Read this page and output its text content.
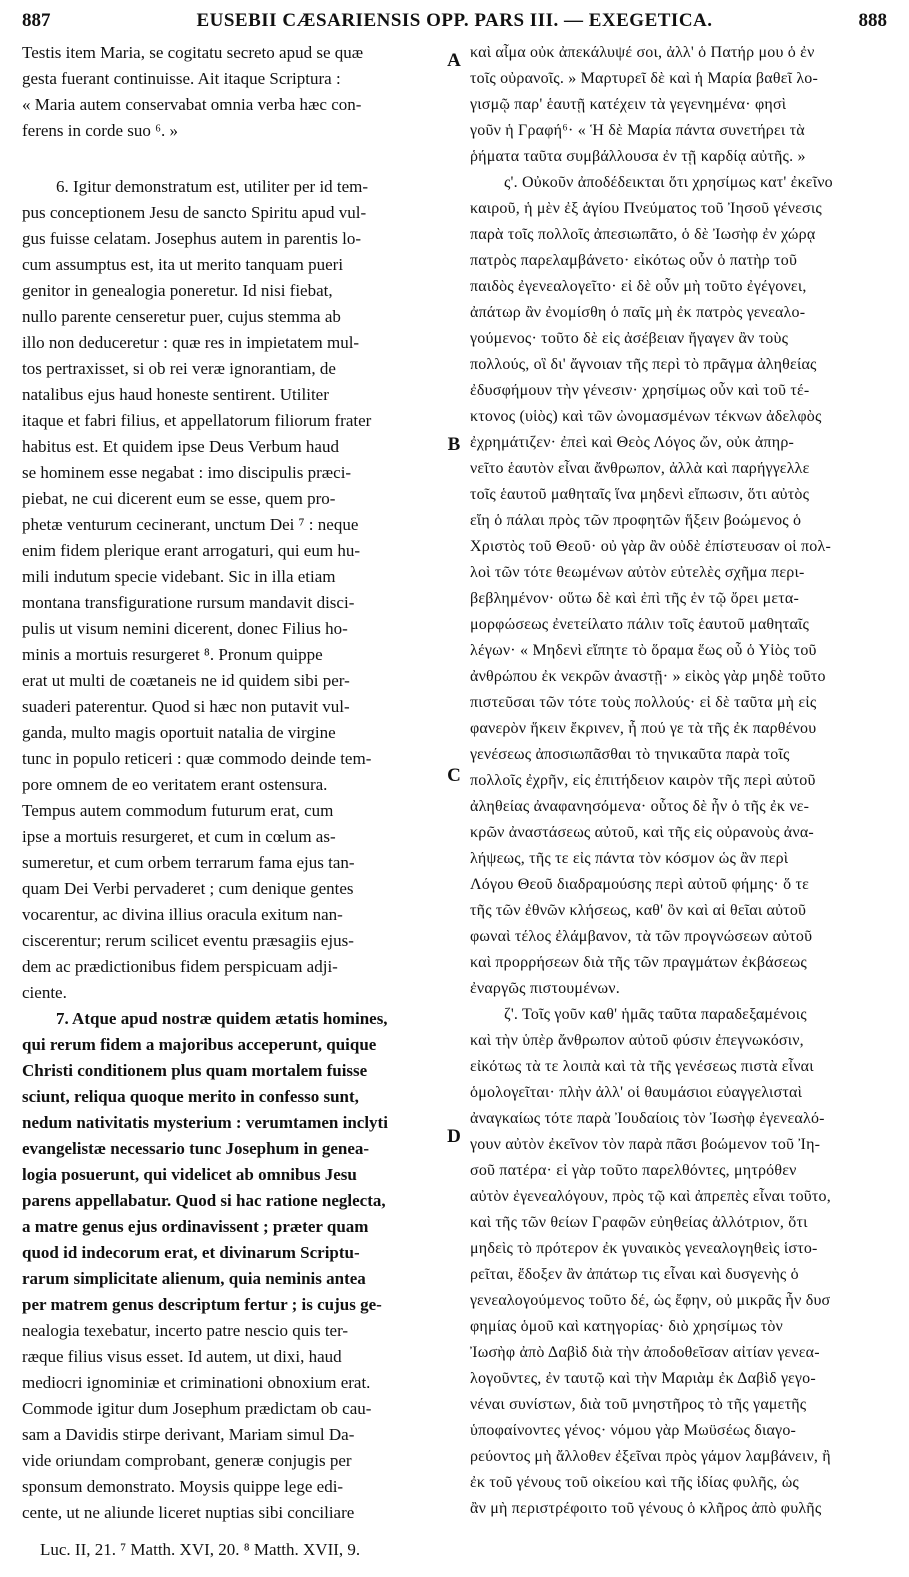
887	EUSEBII CÆSARIENSIS OPP. PARS III. — EXEGETICA.	888
Testis item Maria, se cogitatu secreto apud se quæ
gesta fuerant continuisse. Ait itaque Scriptura :
« Maria autem conservabat omnia verba hæc con-
ferens in corde suo ⁶. »
6. Igitur demonstratum est, utiliter per id tem-
pus conceptionem Jesu de sancto Spiritu apud vul-
gus fuisse celatam. Josephus autem in parentis lo-
cum assumptus est, ita ut merito tanquam pueri
genitor in genealogia poneretur. Id nisi fiebat,
nullo parente censeretur puer, cujus stemma ab
illo non deduceretur : quæ res in impietatem mul-
tos pertraxisset, si ob rei veræ ignorantiam, de
natalibus ejus haud honeste sentirent. Utiliter
itaque et fabri filius, et appellatorum filiorum frater
habitus est. Et quidem ipse Deus Verbum haud
se hominem esse negabat : imo discipulis præci-
piebat, ne cui dicerent eum se esse, quem pro-
phetæ venturum cecinerant, unctum Dei ⁷ : neque
enim fidem plerique erant arrogaturi, qui eum hu-
mili indutum specie videbant. Sic in illa etiam
montana transfiguratione rursum mandavit disci-
pulis ut visum nemini dicerent, donec Filius ho-
minis a mortuis resurgeret ⁸. Pronum quippe
erat ut multi de coætaneis ne id quidem sibi per-
suaderi paterentur. Quod si hæc non putavit vul-
ganda, multo magis oportuit natalia de virgine
tunc in populo reticeri : quæ commodo deinde tem-
pore omnem de eo veritatem erant ostensura.
Tempus autem commodum futurum erat, cum
ipse a mortuis resurgeret, et cum in cœlum as-
sumeretur, et cum orbem terrarum fama ejus tan-
quam Dei Verbi pervaderet ; cum denique gentes
vocarentur, ac divina illius oracula exitum nan-
ciscerentur; rerum scilicet eventu præsagiis ejus-
dem ac prædictionibus fidem perspicuam adji-
ciente.
7. Atque apud nostræ quidem ætatis homines,
qui rerum fidem a majoribus acceperunt, quique
Christi conditionem plus quam mortalem fuisse
sciunt, reliqua quoque merito in confesso sunt,
nedum nativitatis mysterium : verumtamen inclyti
evangelistæ necessario tunc Josephum in genea-
logia posuerunt, qui videlicet ab omnibus Jesu
parens appellabatur. Quod si hac ratione neglecta,
a matre genus ejus ordinavissent ; præter quam
quod id indecorum erat, et divinarum Scriptu-
rarum simplicitate alienum, quia neminis antea
per matrem genus descriptum fertur ; is cujus ge-
nealogia texebatur, incerto patre nescio quis ter-
ræque filius visus esset. Id autem, ut dixi, haud
mediocri ignominiæ et criminationi obnoxium erat.
Commode igitur dum Josephum prædictam ob cau-
sam a Davidis stirpe derivant, Mariam simul Da-
vide oriundam comprobant, generæ conjugis per
sponsum demonstrato. Moysis quippe lege edi-
cente, ut ne aliunde liceret nuptias sibi conciliare
καὶ αἶμα οὐκ ἀπεκάλυψέ σοι, ἀλλ' ὁ Πατήρ μου ὁ ἐν
τοῖς οὐρανοῖς. » Μαρτυρεῖ δὲ καὶ ἡ Μαρία βαθεῖ λο-
γισμῷ παρ' ἑαυτῇ κατέχειν τὰ γεγενημένα· φησὶ
γοῦν ἡ Γραφή⁶· « Ἡ δὲ Μαρία πάντα συνετήρει τὰ
ῥήματα ταῦτα συμβάλλουσα ἐν τῇ καρδίᾳ αὐτῆς. »
ς'. Οὐκοῦν ἀποδέδεικται ὅτι χρησίμως κατ' ἐκεῖνο
καιροῦ, ἡ μὲν ἐξ ἁγίου Πνεύματος τοῦ Ἰησοῦ γένεσις
παρὰ τοῖς πολλοῖς ἀπεσιωπᾶτο, ὁ δὲ Ἰωσὴφ ἐν χώρᾳ
πατρὸς παρελαμβάνετο· εἰκότως οὖν ὁ πατὴρ τοῦ
παιδὸς ἐγενεαλογεῖτο· εἰ δὲ οὖν μὴ τοῦτο ἐγέγονει,
ἀπάτωρ ἂν ἐνομίσθη ὁ παῖς μὴ ἐκ πατρὸς γενεαλο-
γούμενος· τοῦτο δὲ εἰς ἀσέβειαν ἤγαγεν ἂν τοὺς
πολλούς, οἳ δι' ἄγνοιαν τῆς περὶ τὸ πρᾶγμα ἀληθείας
ἐδυσφήμουν τὴν γένεσιν· χρησίμως οὖν καὶ τοῦ τέ-
κτονος (υἱὸς) καὶ τῶν ὠνομασμένων τέκνων ἀδελφὸς
ἐχρημάτιζεν· ἐπεὶ καὶ Θεὸς Λόγος ὤν, οὐκ ἀπηρ-
νεῖτο ἑαυτὸν εἶναι ἄνθρωπον, ἀλλὰ καὶ παρήγγελλε
τοῖς ἑαυτοῦ μαθηταῖς ἵνα μηδενὶ εἴπωσιν, ὅτι αὐτὸς
εἴη ὁ πάλαι πρὸς τῶν προφητῶν ἥξειν βοώμενος ὁ
Χριστὸς τοῦ Θεοῦ· οὐ γὰρ ἂν οὐδὲ ἐπίστευσαν οἱ πολ-
λοὶ τῶν τότε θεωμένων αὐτὸν εὐτελὲς σχῆμα περι-
βεβλημένον· οὕτω δὲ καὶ ἐπὶ τῆς ἐν τῷ ὄρει μετα-
μορφώσεως ἐνετείλατο πάλιν τοῖς ἑαυτοῦ μαθηταῖς
λέγων· « Μηδενὶ εἴπητε τὸ ὅραμα ἕως οὗ ὁ Υἱὸς τοῦ
ἀνθρώπου ἐκ νεκρῶν ἀναστῇ· » εἰκὸς γὰρ μηδὲ τοῦτο
πιστεῦσαι τῶν τότε τοὺς πολλούς· εἰ δὲ ταῦτα μὴ εἰς
φανερὸν ἥκειν ἔκρινεν, ἦ πού γε τὰ τῆς ἐκ παρθένου
γενέσεως ἀποσιωπᾶσθαι τὸ τηνικαῦτα παρὰ τοῖς
πολλοῖς ἐχρῆν, εἰς ἐπιτήδειον καιρὸν τῆς περὶ αὐτοῦ
ἀληθείας ἀναφανησόμενα· οὗτος δὲ ἦν ὁ τῆς ἐκ νε-
κρῶν ἀναστάσεως αὐτοῦ, καὶ τῆς εἰς οὐρανοὺς ἀνα-
λήψεως, τῆς τε εἰς πάντα τὸν κόσμον ὡς ἂν περὶ
Λόγου Θεοῦ διαδραμούσης περὶ αὐτοῦ φήμης· ὅ τε
τῆς τῶν ἐθνῶν κλήσεως, καθ' ὃν καὶ αἱ θεῖαι αὐτοῦ
φωναὶ τέλος ἐλάμβανον, τὰ τῶν προγνώσεων αὐτοῦ
καὶ προρρήσεων διὰ τῆς τῶν πραγμάτων ἐκβάσεως
ἐναργῶς πιστουμένων.
ζ'. Τοῖς γοῦν καθ' ἡμᾶς ταῦτα παραδεξαμένοις
καὶ τὴν ὑπὲρ ἄνθρωπον αὐτοῦ φύσιν ἐπεγνωκόσιν,
εἰκότως τὰ τε λοιπὰ καὶ τὰ τῆς γενέσεως πιστὰ εἶναι
ὁμολογεῖται· πλὴν ἀλλ' οἱ θαυμάσιοι εὐαγγελισταὶ
ἀναγκαίως τότε παρὰ Ἰουδαίοις τὸν Ἰωσὴφ ἐγενεαλό-
γουν αὐτὸν ἐκεῖνον τὸν παρὰ πᾶσι βοώμενον τοῦ Ἰη-
σοῦ πατέρα· εἰ γὰρ τοῦτο παρελθόντες, μητρόθεν
αὐτὸν ἐγενεαλόγουν, πρὸς τῷ καὶ ἀπρεπὲς εἶναι τοῦτο,
καὶ τῆς τῶν θείων Γραφῶν εὐηθείας ἀλλότριον, ὅτι
μηδεὶς τὸ πρότερον ἐκ γυναικὸς γενεαλογηθεὶς ἱστο-
ρεῖται, ἔδοξεν ἂν ἀπάτωρ τις εἶναι καὶ δυσγενὴς ὁ
γενεαλογούμενος τοῦτο δέ, ὡς ἔφην, οὐ μικρᾶς ἦν δυσ
φημίας ὁμοῦ καὶ κατηγορίας· διὸ χρησίμως τὸν
Ἰωσὴφ ἀπὸ Δαβὶδ διὰ τὴν ἀποδοθεῖσαν αἰτίαν γενεα-
λογοῦντες, ἐν ταυτῷ καὶ τὴν Μαριὰμ ἐκ Δαβὶδ γεγο-
νέναι συνίστων, διὰ τοῦ μνηστῆρος τὸ τῆς γαμετῆς
ὑποφαίνοντες γένος· νόμου γὰρ Μωϋσέως διαγο-
ρεύοντος μὴ ἄλλοθεν ἐξεῖναι πρὸς γάμον λαμβάνειν, ἢ
ἐκ τοῦ γένους τοῦ οἰκείου καὶ τῆς ἰδίας φυλῆς, ὡς
ἂν μὴ περιστρέφοιτο τοῦ γένους ὁ κλῆρος ἀπὸ φυλῆς
A
B
C
D
Luc. II, 21. ⁷ Matth. XVI, 20. ⁸ Matth. XVII, 9.
